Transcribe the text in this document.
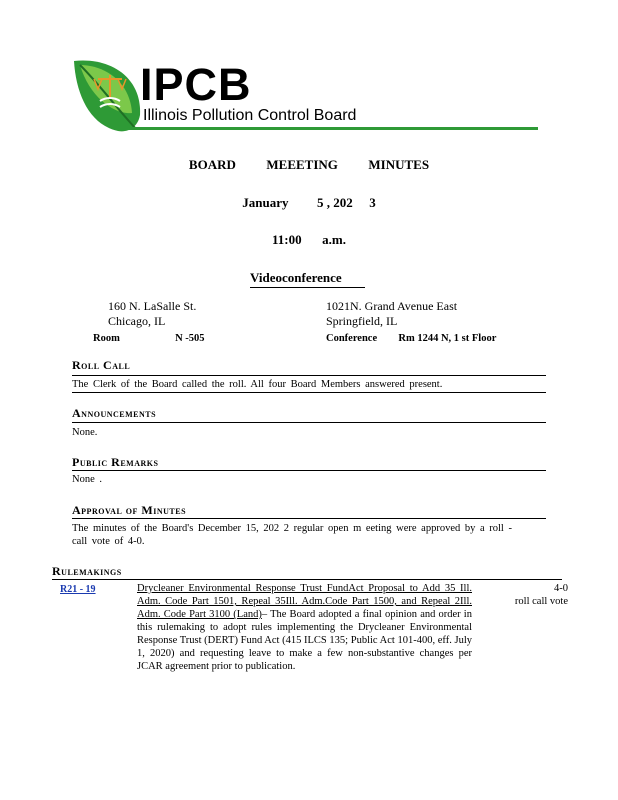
IPCB
Illinois Pollution Control Board
BOARD MEEETING MINUTES
January 5 , 202 3
11:00 a.m.
Videoconference
160 N. LaSalle St.
Chicago, IL
Room	N -505
1021N. Grand Avenue East
Springfield, IL
Conference Rm 1244 N, 1 st Floor
Roll Call
The Clerk of the Board called the roll. All four Board Members answered present.
Announcements
None.
Public Remarks
None .
Approval of Minutes
The minutes of the Board's December 15, 202 2 regular open m eeting were approved by a roll -
call vote of 4-0.
Rulemakings
R21 - 19	Drycleaner Environmental Response Trust FundAct Proposal to Add 35 Ill. Adm. Code Part 1501, Repeal 35Ill. Adm.Code Part 1500, and Repeal 2Ill. Adm. Code Part 3100 (Land)– The Board adopted a final opinion and order in this rulemaking to adopt rules implementing the Drycleaner Environmental Response Trust (DERT) Fund Act (415 ILCS 135; Public Act 101-400, eff. July 1, 2020) and requesting leave to make a few non-substantive changes per JCAR agreement prior to publication.
4-0
roll call vote
